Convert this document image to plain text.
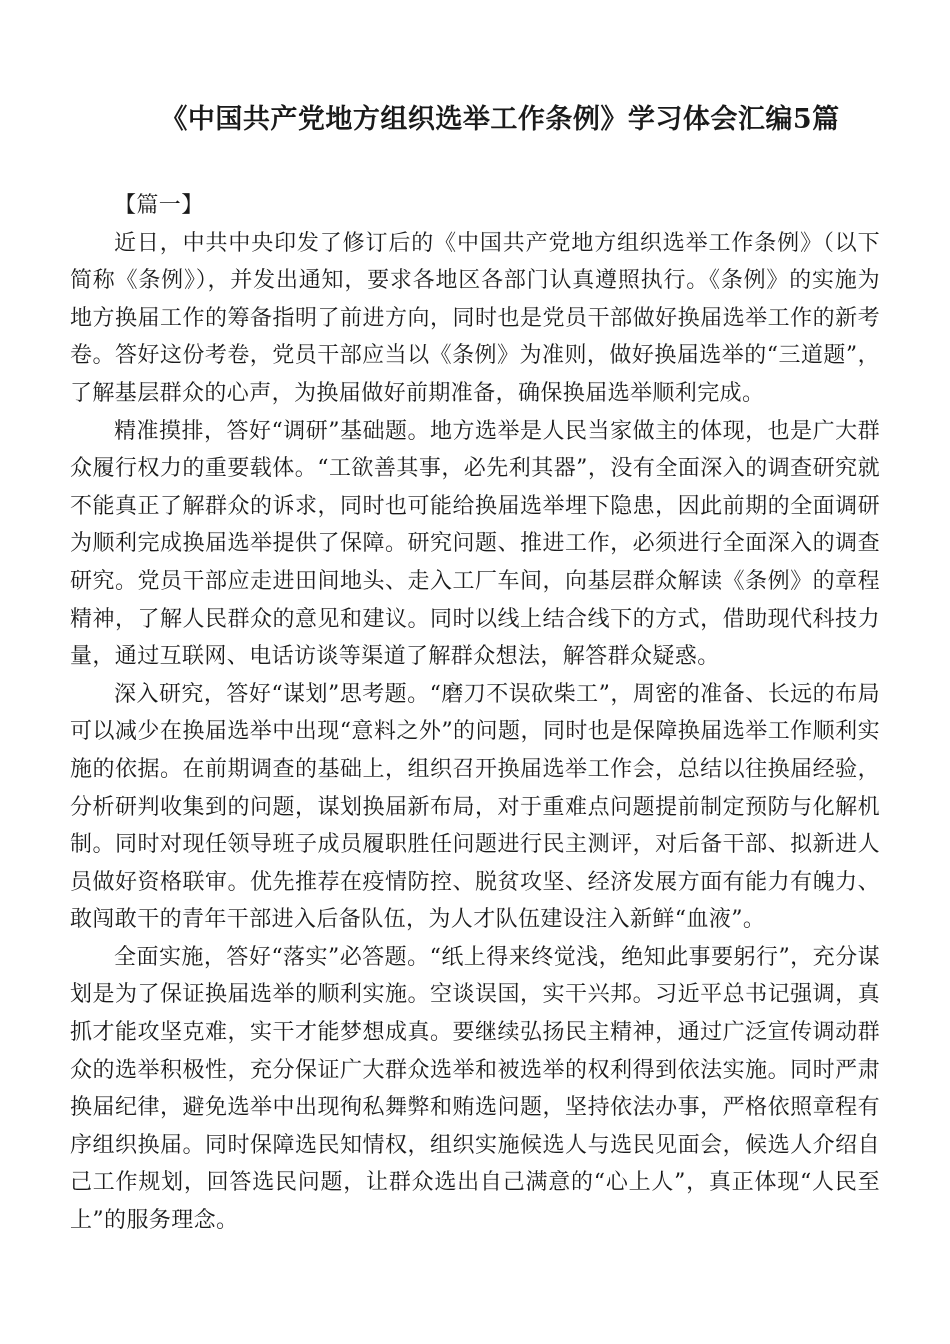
《中国共产党地方组织选举工作条例》学习体会汇编5篇

【篇一】

近日，中共中央印发了修订后的《中国共产党地方组织选举工作条例》（以下简称《条例》），并发出通知，要求各地区各部门认真遵照执行。《条例》的实施为地方换届工作的筹备指明了前进方向，同时也是党员干部做好换届选举工作的新考卷。答好这份考卷，党员干部应当以《条例》为准则，做好换届选举的“三道题”，了解基层群众的心声，为换届做好前期准备，确保换届选举顺利完成。

精准摸排，答好“调研”基础题。地方选举是人民当家做主的体现，也是广大群众履行权力的重要载体。“工欲善其事，必先利其器”，没有全面深入的调查研究就不能真正了解群众的诉求，同时也可能给换届选举埋下隐患，因此前期的全面调研为顺利完成换届选举提供了保障。研究问题、推进工作，必须进行全面深入的调查研究。党员干部应走进田间地头、走入工厂车间，向基层群众解读《条例》的章程精神，了解人民群众的意见和建议。同时以线上结合线下的方式，借助现代科技力量，通过互联网、电话访谈等渠道了解群众想法，解答群众疑惑。

深入研究，答好“谋划”思考题。“磨刀不误砍柴工”，周密的准备、长远的布局可以减少在换届选举中出现“意料之外”的问题，同时也是保障换届选举工作顺利实施的依据。在前期调查的基础上，组织召开换届选举工作会，总结以往换届经验，分析研判收集到的问题，谋划换届新布局，对于重难点问题提前制定预防与化解机制。同时对现任领导班子成员履职胜任问题进行民主测评，对后备干部、拟新进人员做好资格联审。优先推荐在疫情防控、脱贫攻坚、经济发展方面有能力有魄力、敢闯敢干的青年干部进入后备队伍，为人才队伍建设注入新鲜“血液”。

全面实施，答好“落实”必答题。“纸上得来终觉浅，绝知此事要躬行”，充分谋划是为了保证换届选举的顺利实施。空谈误国，实干兴邦。习近平总书记强调，真抓才能攻坚克难，实干才能梦想成真。要继续弘扬民主精神，通过广泛宣传调动群众的选举积极性，充分保证广大群众选举和被选举的权利得到依法实施。同时严肃换届纪律，避免选举中出现徇私舞弊和贿选问题，坚持依法办事，严格依照章程有序组织换届。同时保障选民知情权，组织实施候选人与选民见面会，候选人介绍自己工作规划，回答选民问题，让群众选出自己满意的“心上人”，真正体现“人民至上”的服务理念。
